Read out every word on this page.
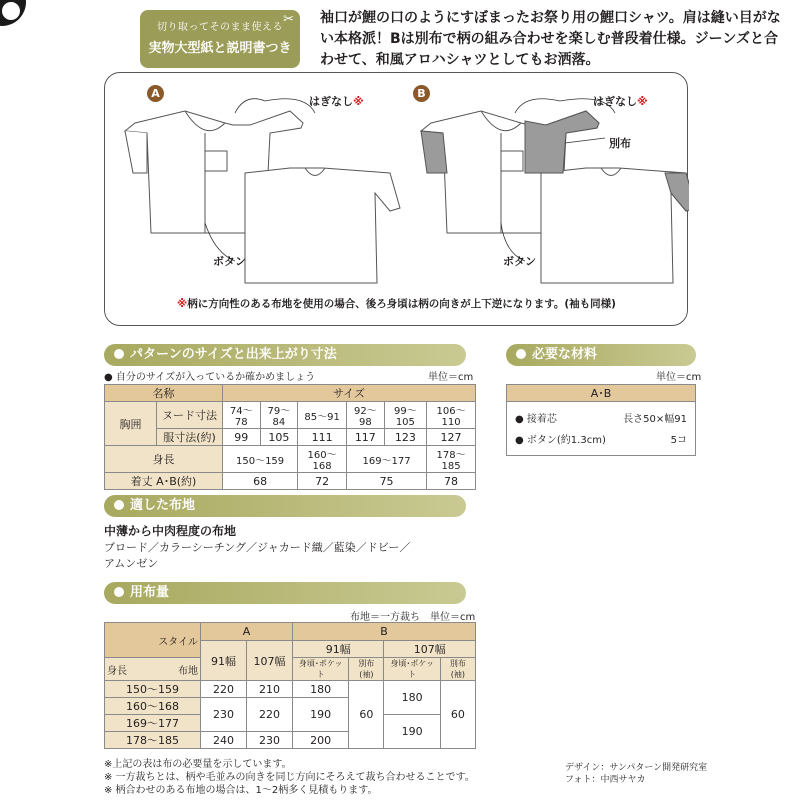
切り取ってそのまま使える
実物大型紙と説明書つき
✂ 袖口が鯉の口のようにすぼまったお祭り用の鯉口シャツ。肩は縫い目がない本格派！Bは別布で柄の組み合わせを楽しむ普段着仕様。ジーンズと合わせて、和風アロハシャツとしてもお洒落。
A	B
はぎなし※	はぎなし※
別布
ボタン	ボタン
※柄に方向性のある布地を使用の場合、後ろ身頃は柄の向きが上下逆になります。(袖も同様)
パターンのサイズと出来上がり寸法
● 自分のサイズが入っているか確かめましょう	単位＝cm
名称		サイズ					
胸囲	ヌード寸法	74〜78	79〜84	85〜91	92〜98	99〜105	106〜110
	服寸法(約)	99	105	111	117	123	127
身長		150〜159		160〜168	169〜177		178〜185
着丈 A･B(約)		68		72	75		78
必要な材料
単位＝cm
A･B
● 接着芯	長さ50×幅91
● ボタン(約1.3cm)	5コ
適した布地
中薄から中肉程度の布地
ブロード／カラーシーチング／ジャカード織／藍染／ドビー／
アムンゼン
用布量
布地＝一方裁ち　単位＝cm
スタイル	A		B			
	91幅	107幅	91幅		107幅	
身長 布地			身頃･ポケット	別布(袖)	身頃･ポケット	別布(袖)
150〜159	220	210	180	60	180	60
160〜168	230	220	190			
169〜177					190	
178〜185	240	230	200			
※上記の表は布の必要量を示しています。
※ 一方裁ちとは、柄や毛並みの向きを同じ方向にそろえて裁ち合わせることです。
※ 柄合わせのある布地の場合は、1〜2柄多く見積もります。
デザイン：サンパターン開発研究室
フォト：中西サヤカ
